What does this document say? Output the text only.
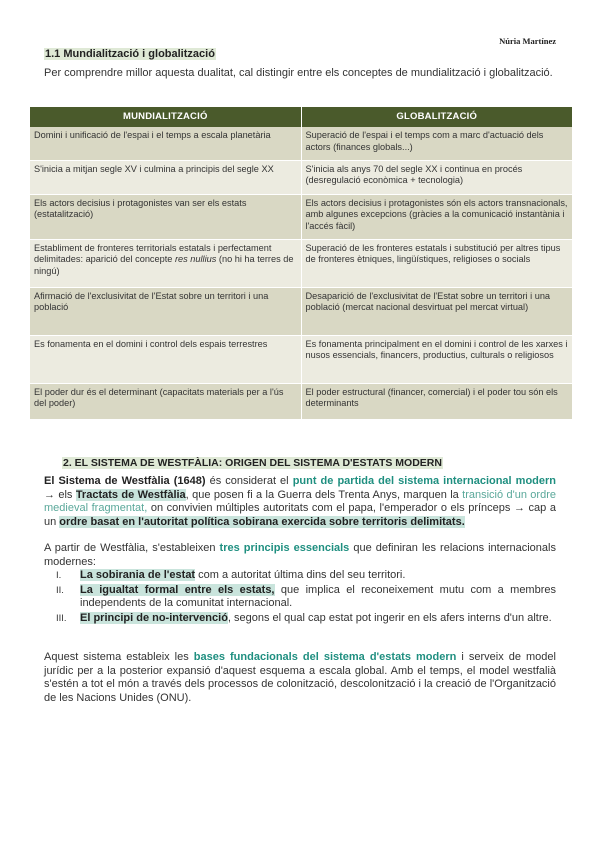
Núria Martínez
1.1 Mundialització i globalització
Per comprendre millor aquesta dualitat, cal distingir entre els conceptes de mundialització i globalització.
MUNDIALITZACIÓ	GLOBALITZACIÓ
Domini i unificació de l'espai i el temps a escala planetària	Superació de l'espai i el temps com a marc d'actuació dels actors (finances globals...)
S'inicia a mitjan segle XV i culmina a principis del segle XX	S'inicia als anys 70 del segle XX i continua en procés (desregulació econòmica + tecnologia)
Els actors decisius i protagonistes van ser els estats (estatalització)	Els actors decisius i protagonistes són els actors transnacionals, amb algunes excepcions (gràcies a la comunicació instantània i l'accés fàcil)
Establiment de fronteres territorials estatals i perfectament delimitades: aparició del concepte res nullius (no hi ha terres de ningú)	Superació de les fronteres estatals i substitució per altres tipus de fronteres ètniques, lingüístiques, religioses o socials
Afirmació de l'exclusivitat de l'Estat sobre un territori i una població	Desaparició de l'exclusivitat de l'Estat sobre un territori i una població (mercat nacional desvirtuat pel mercat virtual)
Es fonamenta en el domini i control dels espais terrestres	Es fonamenta principalment en el domini i control de les xarxes i nusos essencials, financers, productius, culturals o religiosos
El poder dur és el determinant (capacitats materials per a l'ús del poder)	El poder estructural (financer, comercial) i el poder tou són els determinants
2. EL SISTEMA DE WESTFÀLIA: ORIGEN DEL SISTEMA D'ESTATS MODERN
El Sistema de Westfàlia (1648) és considerat el punt de partida del sistema internacional modern → els Tractats de Westfàlia, que posen fi a la Guerra dels Trenta Anys, marquen la transició d'un ordre medieval fragmentat, on convivien múltiples autoritats com el papa, l'emperador o els prínceps → cap a un ordre basat en l'autoritat política sobirana exercida sobre territoris delimitats.
A partir de Westfàlia, s'estableixen tres principis essencials que definiran les relacions internacionals modernes:
I. La sobirania de l'estat com a autoritat última dins del seu territori.
II. La igualtat formal entre els estats, que implica el reconeixement mutu com a membres independents de la comunitat internacional.
III. El principi de no-intervenció, segons el qual cap estat pot ingerir en els afers interns d'un altre.
Aquest sistema estableix les bases fundacionals del sistema d'estats modern i serveix de model jurídic per a la posterior expansió d'aquest esquema a escala global. Amb el temps, el model westfalià s'estén a tot el món a través dels processos de colonització, descolonització i la creació de l'Organització de les Nacions Unides (ONU).
